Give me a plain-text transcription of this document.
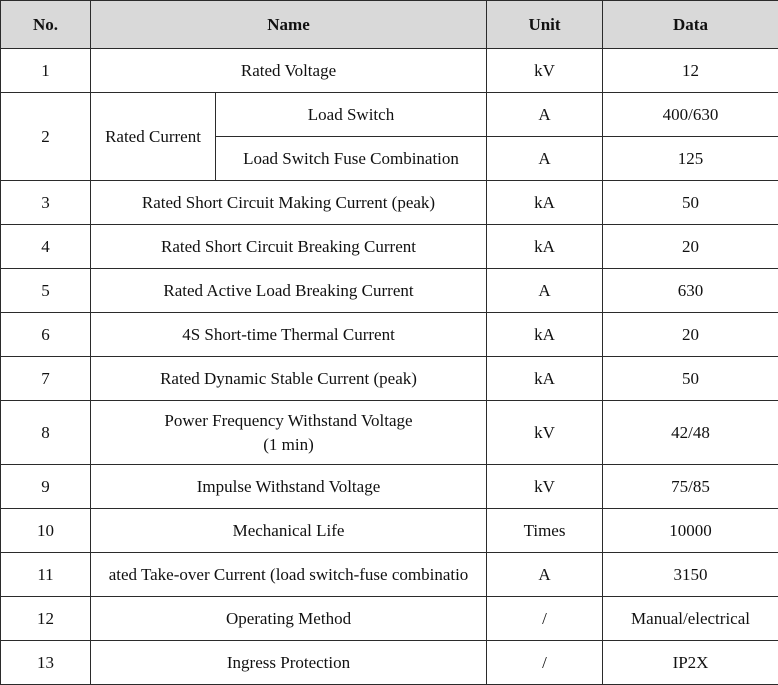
No.	Name		Unit	Data
1	Rated Voltage		kV	12
2	Rated Current	Load Switch	A	400/630
		Load Switch Fuse Combination	A	125
3	Rated Short Circuit Making Current (peak)		kA	50
4	Rated Short Circuit Breaking Current		kA	20
5	Rated Active Load Breaking Current		A	630
6	4S Short-time Thermal Current		kA	20
7	Rated Dynamic Stable Current (peak)		kA	50
8	Power Frequency Withstand Voltage
(1 min)		kV	42/48
9	Impulse Withstand Voltage		kV	75/85
10	Mechanical Life		Times	10000
11	ated Take-over Current (load switch-fuse combinatio		A	3150
12	Operating Method		/	Manual/electrical
13	Ingress Protection		/	IP2X
